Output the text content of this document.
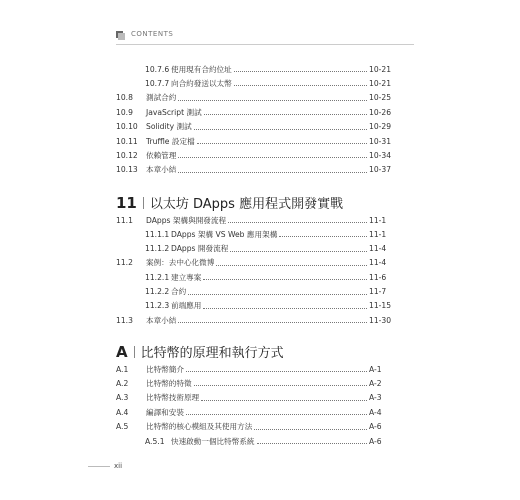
CONTENTS
10.7.6 使用現有合約位址	10-21
10.7.7 向合約發送以太幣	10-21
10.8	測試合約	10-25
10.9	JavaScript 測試	10-26
10.10	Solidity 測試	10-29
10.11	Truffle 設定檔	10-31
10.12	依賴管理	10-34
10.13	本章小結	10-37
11 以太坊 DApps 應用程式開發實戰
11.1	DApps 架構與開發流程	11-1
11.1.1 DApps 架構 VS Web 應用架構	11-1
11.1.2 DApps 開發流程	11-4
11.2	案例：去中心化微博	11-4
11.2.1 建立專案	11-6
11.2.2 合約	11-7
11.2.3 前端應用	11-15
11.3	本章小結	11-30
A 比特幣的原理和執行方式
A.1	比特幣簡介	A-1
A.2	比特幣的特徵	A-2
A.3	比特幣技術原理	A-3
A.4	編譯和安裝	A-4
A.5	比特幣的核心模組及其使用方法	A-6
A.5.1 快速啟動一個比特幣系統	A-6
xii
